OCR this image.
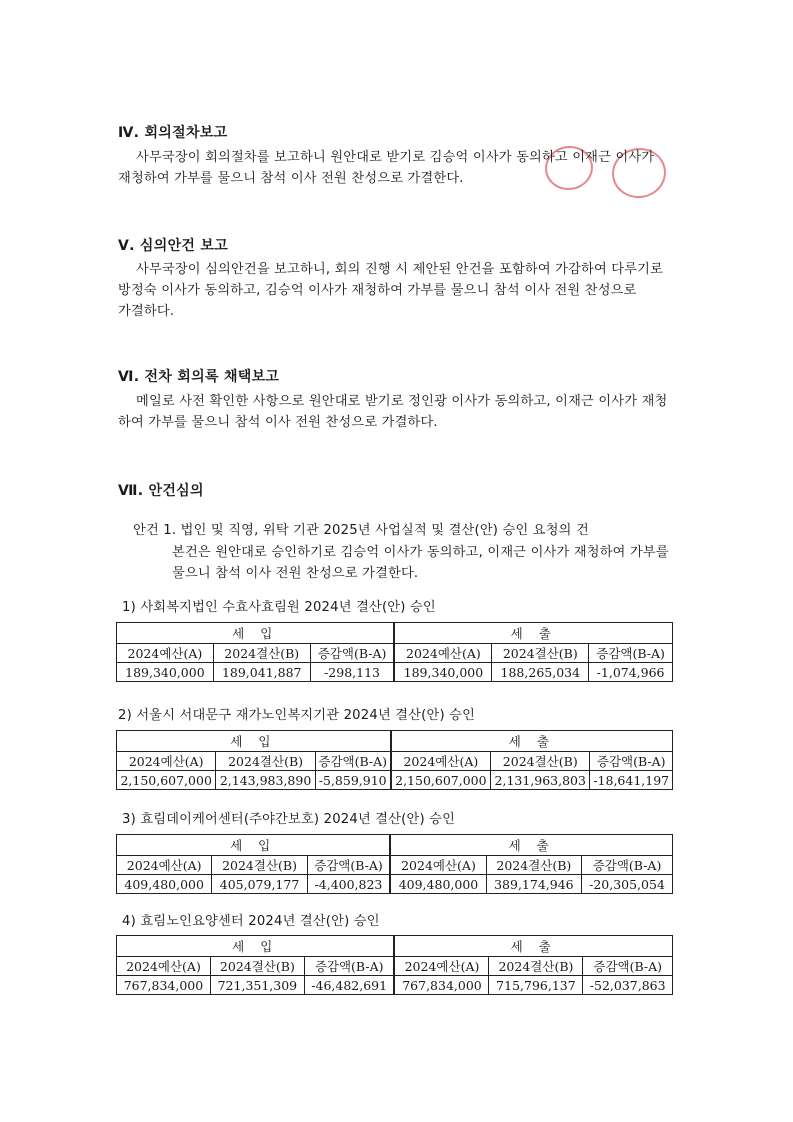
Ⅳ. 회의절차보고
사무국장이 회의절차를 보고하니 원안대로 받기로 김승억 이사가 동의하고 이재근 이사가
재청하여 가부를 물으니 참석 이사 전원 찬성으로 가결한다.
Ⅴ. 심의안건 보고
사무국장이 심의안건을 보고하니, 회의 진행 시 제안된 안건을 포함하여 가감하여 다루기로
방정숙 이사가 동의하고, 김승억 이사가 재청하여 가부를 물으니 참석 이사 전원 찬성으로
가결하다.
Ⅵ. 전차 회의록 채택보고
메일로 사전 확인한 사항으로 원안대로 받기로 정인광 이사가 동의하고, 이재근 이사가 재청
하여 가부를 물으니 참석 이사 전원 찬성으로 가결하다.
Ⅶ. 안건심의
안건 1. 법인 및 직영, 위탁 기관 2025년 사업실적 및 결산(안) 승인 요청의 건
본건은 원안대로 승인하기로 김승억 이사가 동의하고, 이재근 이사가 재청하여 가부를
물으니 참석 이사 전원 찬성으로 가결한다.
1) 사회복지법인 수효사효림원 2024년 결산(안) 승인
세 입			세 출		
2024예산(A)	2024결산(B)	증감액(B-A)	2024예산(A)	2024결산(B)	증감액(B-A)
189,340,000	189,041,887	-298,113	189,340,000	188,265,034	-1,074,966
2) 서울시 서대문구 재가노인복지기관 2024년 결산(안) 승인
세 입			세 출		
2024예산(A)	2024결산(B)	증감액(B-A)	2024예산(A)	2024결산(B)	증감액(B-A)
2,150,607,000	2,143,983,890	-5,859,910	2,150,607,000	2,131,963,803	-18,641,197
3) 효림데이케어센터(주야간보호) 2024년 결산(안) 승인
세 입			세 출		
2024예산(A)	2024결산(B)	증감액(B-A)	2024예산(A)	2024결산(B)	증감액(B-A)
409,480,000	405,079,177	-4,400,823	409,480,000	389,174,946	-20,305,054
4) 효림노인요양센터 2024년 결산(안) 승인
세 입			세 출		
2024예산(A)	2024결산(B)	증감액(B-A)	2024예산(A)	2024결산(B)	증감액(B-A)
767,834,000	721,351,309	-46,482,691	767,834,000	715,796,137	-52,037,863
